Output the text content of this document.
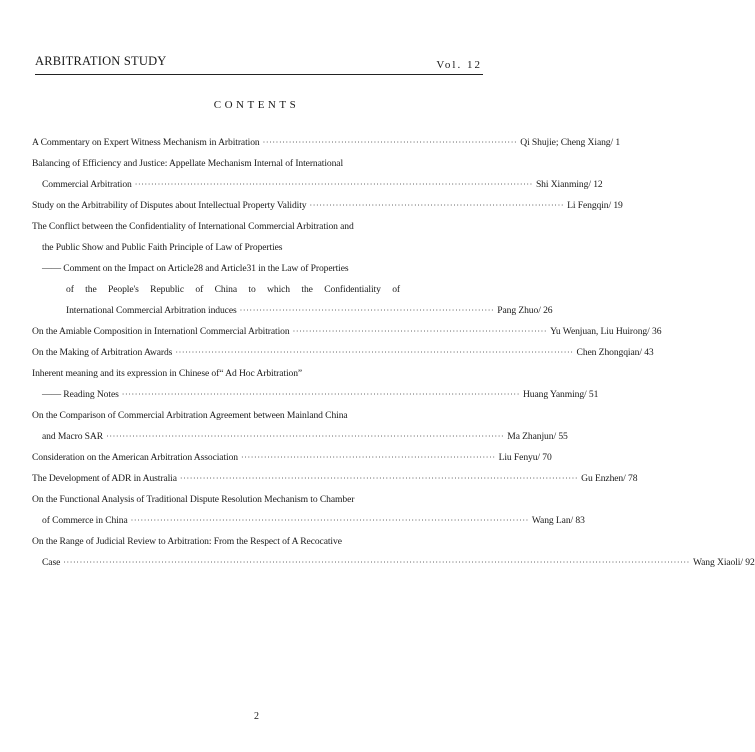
ARBITRATION STUDY	Vol. 12
CONTENTS
A Commentary on Expert Witness Mechanism in Arbitration ·············································································· Qi Shujie; Cheng Xiang/ 1
Balancing of Efficiency and Justice: Appellate Mechanism Internal of International
Commercial Arbitration ·························································································································· Shi Xianming/ 12
Study on the Arbitrability of Disputes about Intellectual Property Validity ·············································································· Li Fengqin/ 19
The Conflict between the Confidentiality of International Commercial Arbitration and
the Public Show and Public Faith Principle of Law of Properties
—— Comment on the Impact on Article28 and Article31 in the Law of Properties
of the People's Republic of China to which the Confidentiality of
International Commercial Arbitration induces ·············································································· Pang Zhuo/ 26
On the Amiable Composition in Internationl Commercial Arbitration ·············································································· Yu Wenjuan, Liu Huirong/ 36
On the Making of Arbitration Awards ·························································································································· Chen Zhongqian/ 43
Inherent meaning and its expression in Chinese of“ Ad Hoc Arbitration”
—— Reading Notes ·························································································································· Huang Yanming/ 51
On the Comparison of Commercial Arbitration Agreement between Mainland China
and Macro SAR ·························································································································· Ma Zhanjun/ 55
Consideration on the American Arbitration Association ·············································································· Liu Fenyu/ 70
The Development of ADR in Australia ·························································································································· Gu Enzhen/ 78
On the Functional Analysis of Traditional Dispute Resolution Mechanism to Chamber
of Commerce in China ·························································································································· Wang Lan/ 83
On the Range of Judicial Review to Arbitration: From the Respect of A Recocative
Case ································································································································································································ Wang Xiaoli/ 92
2
